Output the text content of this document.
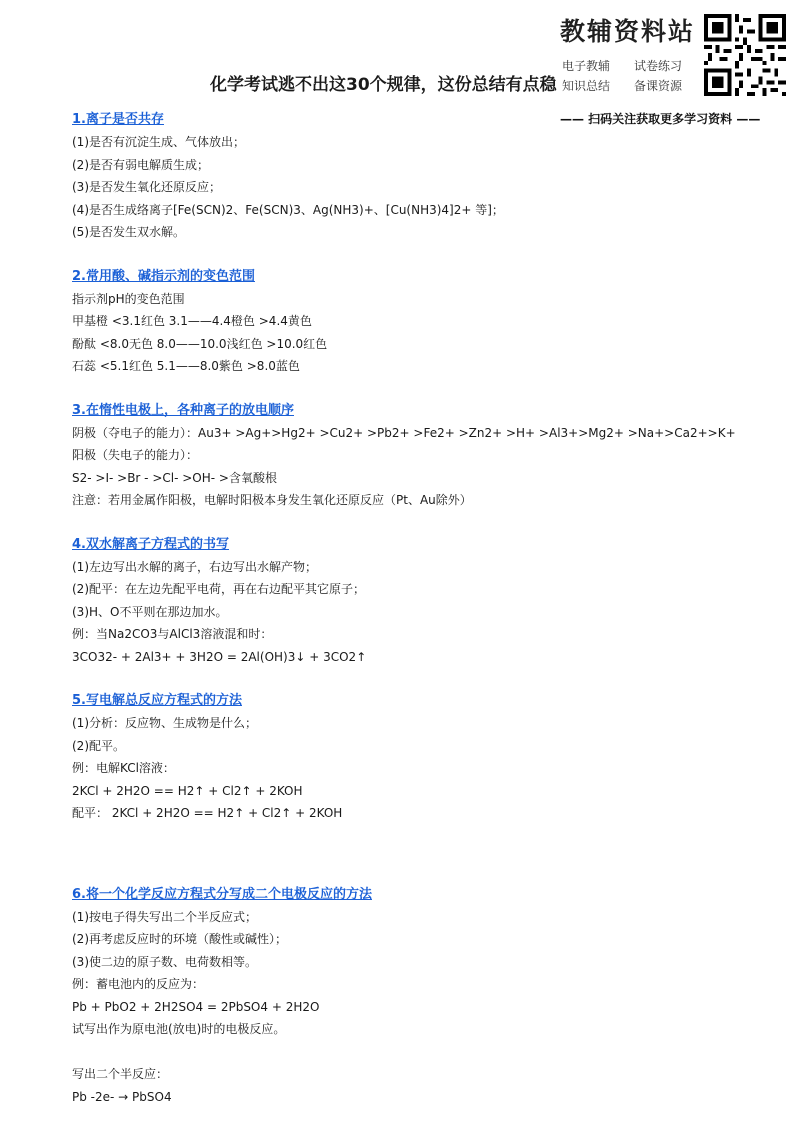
教辅资料站
电子教辅 试卷练习
知识总结 备课资源
—— 扫码关注获取更多学习资料 ——
化学考试逃不出这30个规律，这份总结有点稳
1.离子是否共存
(1)是否有沉淀生成、气体放出；
(2)是否有弱电解质生成；
(3)是否发生氧化还原反应；
(4)是否生成络离子[Fe(SCN)2、Fe(SCN)3、Ag(NH3)+、[Cu(NH3)4]2+ 等]；
(5)是否发生双水解。
2.常用酸、碱指示剂的变色范围
指示剂pH的变色范围
甲基橙 <3.1红色 3.1——4.4橙色 >4.4黄色
酚酞 <8.0无色 8.0——10.0浅红色 >10.0红色
石蕊 <5.1红色 5.1——8.0紫色 >8.0蓝色
3.在惰性电极上，各种离子的放电顺序
阴极（夺电子的能力）：Au3+ >Ag+>Hg2+ >Cu2+ >Pb2+ >Fe2+ >Zn2+ >H+ >Al3+>Mg2+ >Na+>Ca2+>K+
阳极（失电子的能力）：
S2- >I- >Br - >Cl- >OH- >含氧酸根
注意：若用金属作阳极，电解时阳极本身发生氧化还原反应（Pt、Au除外）
4.双水解离子方程式的书写
(1)左边写出水解的离子，右边写出水解产物；
(2)配平：在左边先配平电荷，再在右边配平其它原子；
(3)H、O不平则在那边加水。
例：当Na2CO3与AlCl3溶液混和时：
3CO32- + 2Al3+ + 3H2O = 2Al(OH)3↓ + 3CO2↑
5.写电解总反应方程式的方法
(1)分析：反应物、生成物是什么；
(2)配平。
例：电解KCl溶液：
2KCl + 2H2O == H2↑ + Cl2↑ + 2KOH
配平： 2KCl + 2H2O == H2↑ + Cl2↑ + 2KOH
6.将一个化学反应方程式分写成二个电极反应的方法
(1)按电子得失写出二个半反应式；
(2)再考虑反应时的环境（酸性或碱性）；
(3)使二边的原子数、电荷数相等。
例：蓄电池内的反应为：
Pb + PbO2 + 2H2SO4 = 2PbSO4 + 2H2O
试写出作为原电池(放电)时的电极反应。
写出二个半反应：
Pb -2e- → PbSO4
